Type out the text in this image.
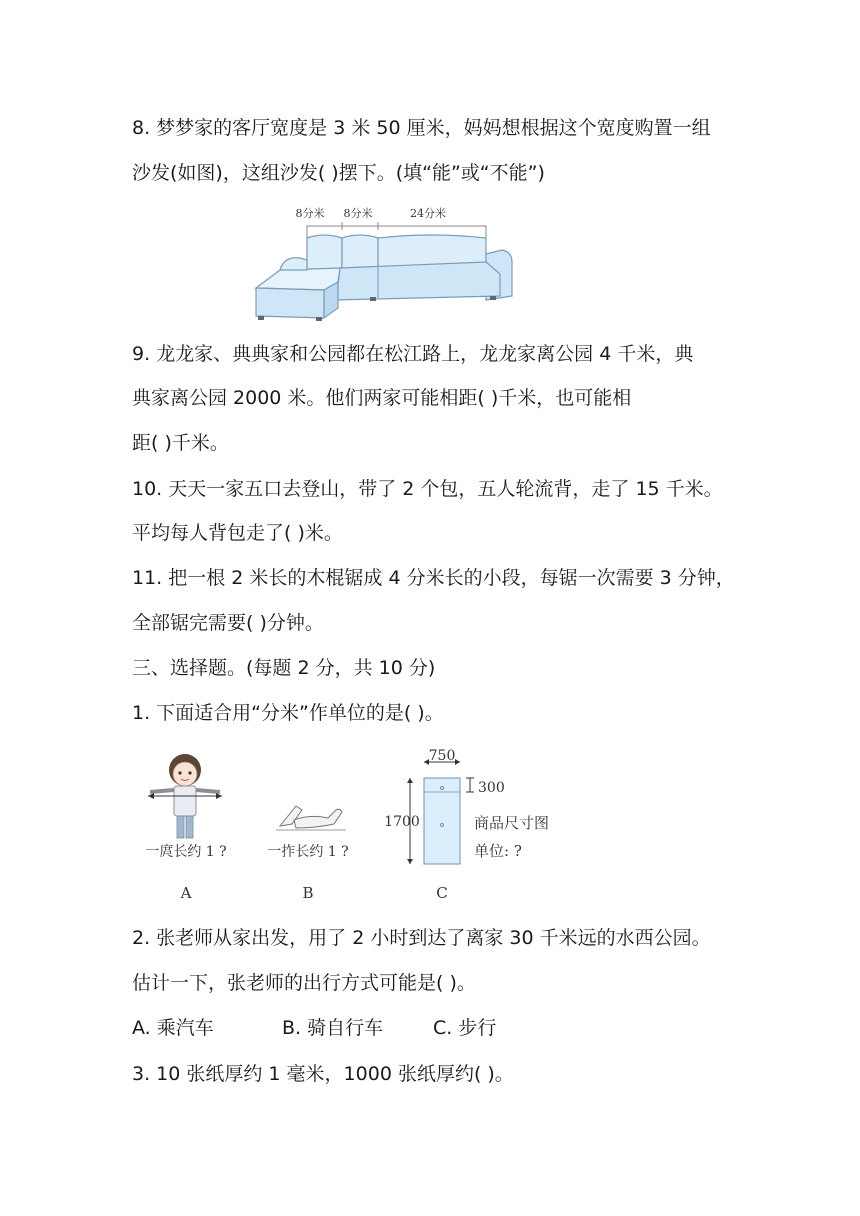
8. 梦梦家的客厅宽度是 3 米 50 厘米，妈妈想根据这个宽度购置一组
沙发(如图)，这组沙发( )摆下。(填“能”或“不能”)
8分米 8分米	24分米
9. 龙龙家、典典家和公园都在松江路上，龙龙家离公园 4 千米，典
典家离公园 2000 米。他们两家可能相距( )千米，也可能相
距( )千米。
10. 天天一家五口去登山，带了 2 个包，五人轮流背，走了 15 千米。
平均每人背包走了( )米。
11. 把一根 2 米长的木棍锯成 4 分米长的小段，每锯一次需要 3 分钟，
全部锯完需要( )分钟。
三、选择题。(每题 2 分，共 10 分)
1. 下面适合用“分米”作单位的是( )。
一庹长约 1 ?
A
一拃长约 1 ?
B
750
300
1700	商品尺寸图
单位: ?
C
2. 张老师从家出发，用了 2 小时到达了离家 30 千米远的水西公园。
估计一下，张老师的出行方式可能是( )。
A. 乘汽车	B. 骑自行车	C. 步行
3. 10 张纸厚约 1 毫米，1000 张纸厚约( )。
